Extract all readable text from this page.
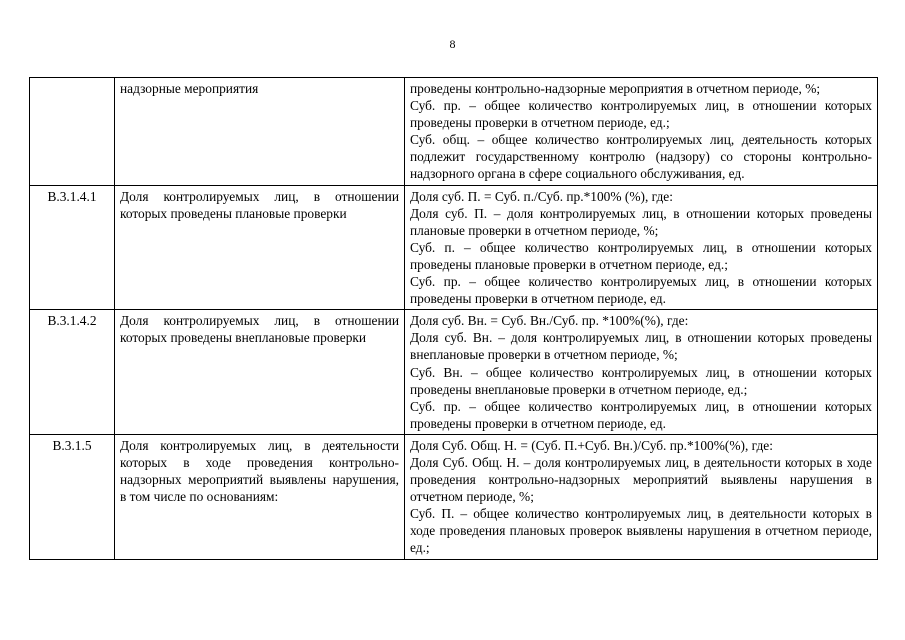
8
	надзорные мероприятия	проведены контрольно-надзорные мероприятия в отчетном периоде, %;
Суб. пр. – общее количество контролируемых лиц, в отношении которых проведены проверки в отчетном периоде, ед.;
Суб. общ. – общее количество контролируемых лиц, деятельность которых подлежит государственному контролю (надзору) со стороны контрольно-надзорного органа в сфере социального обслуживания, ед.

В.3.1.4.1	Доля контролируемых лиц, в отношении которых проведены плановые проверки	Доля суб. П. = Суб. п./Суб. пр.*100% (%), где:
Доля суб. П. – доля контролируемых лиц, в отношении которых проведены плановые проверки в отчетном периоде, %;
Суб. п. – общее количество контролируемых лиц, в отношении которых проведены плановые проверки в отчетном периоде, ед.;
Суб. пр. – общее количество контролируемых лиц, в отношении которых проведены проверки в отчетном периоде, ед.

В.3.1.4.2	Доля контролируемых лиц, в отношении которых проведены внеплановые проверки	Доля суб. Вн. = Суб. Вн./Суб. пр. *100%(%), где:
Доля суб. Вн. – доля контролируемых лиц, в отношении которых проведены внеплановые проверки в отчетном периоде, %;
Суб. Вн. – общее количество контролируемых лиц, в отношении которых проведены внеплановые проверки в отчетном периоде, ед.;
Суб. пр. – общее количество контролируемых лиц, в отношении которых проведены проверки в отчетном периоде, ед.

В.3.1.5	Доля контролируемых лиц, в деятельности которых в ходе проведения контрольно-надзорных мероприятий выявлены нарушения, в том числе по основаниям:	Доля Суб. Общ. Н. = (Суб. П.+Суб. Вн.)/Суб. пр.*100%(%), где:
Доля Суб. Общ. Н. – доля контролируемых лиц, в деятельности которых в ходе проведения контрольно-надзорных мероприятий выявлены нарушения в отчетном периоде, %;
Суб. П. – общее количество контролируемых лиц, в деятельности которых в ходе проведения плановых проверок выявлены нарушения в отчетном периоде, ед.;
